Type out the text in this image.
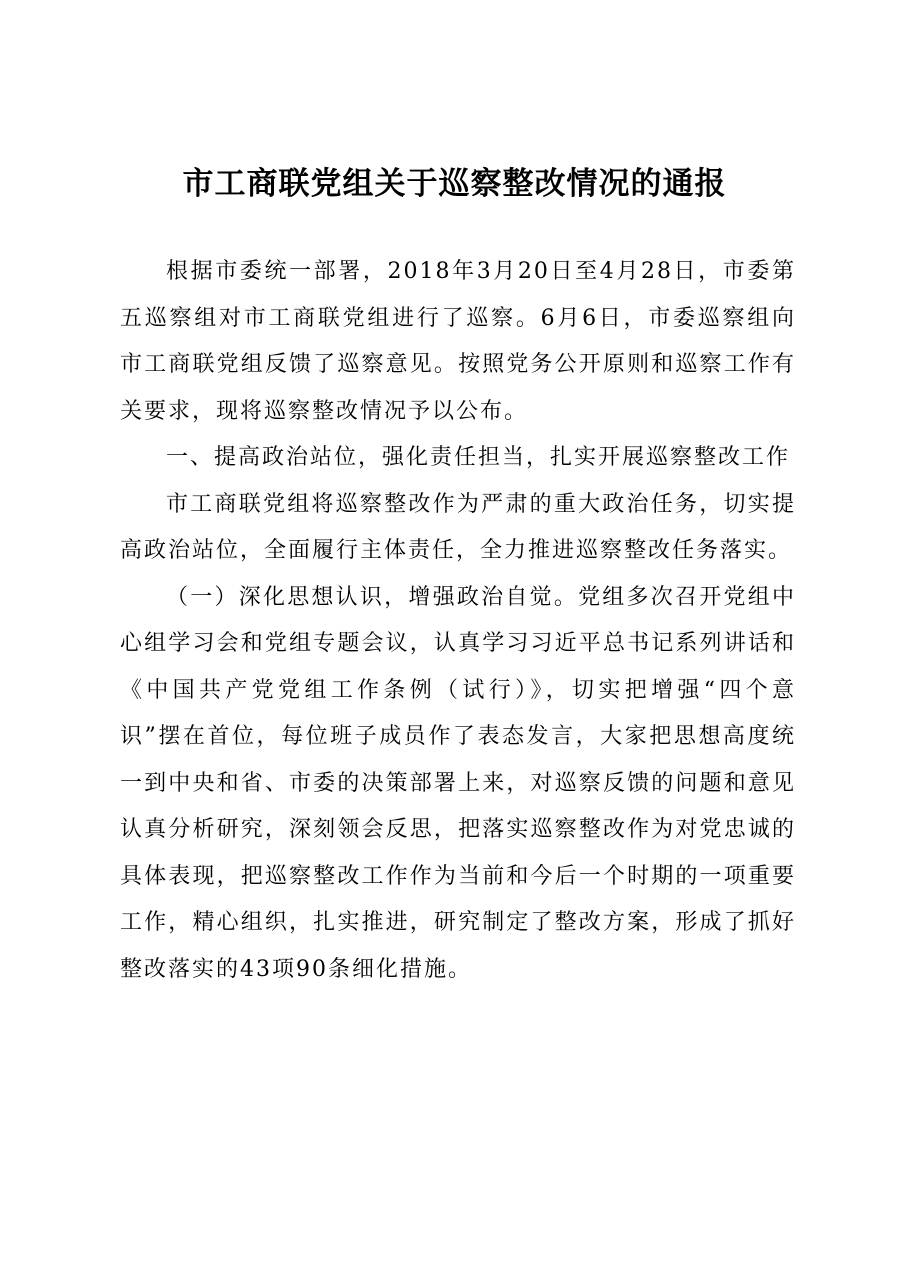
市工商联党组关于巡察整改情况的通报

根据市委统一部署，2018年3月20日至4月28日，市委第五巡察组对市工商联党组进行了巡察。6月6日，市委巡察组向市工商联党组反馈了巡察意见。按照党务公开原则和巡察工作有关要求，现将巡察整改情况予以公布。

一、提高政治站位，强化责任担当，扎实开展巡察整改工作

市工商联党组将巡察整改作为严肃的重大政治任务，切实提高政治站位，全面履行主体责任，全力推进巡察整改任务落实。

（一）深化思想认识，增强政治自觉。党组多次召开党组中心组学习会和党组专题会议，认真学习习近平总书记系列讲话和《中国共产党党组工作条例（试行）》，切实把增强“四个意识”摆在首位，每位班子成员作了表态发言，大家把思想高度统一到中央和省、市委的决策部署上来，对巡察反馈的问题和意见认真分析研究，深刻领会反思，把落实巡察整改作为对党忠诚的具体表现，把巡察整改工作作为当前和今后一个时期的一项重要工作，精心组织，扎实推进，研究制定了整改方案，形成了抓好整改落实的43项90条细化措施。
